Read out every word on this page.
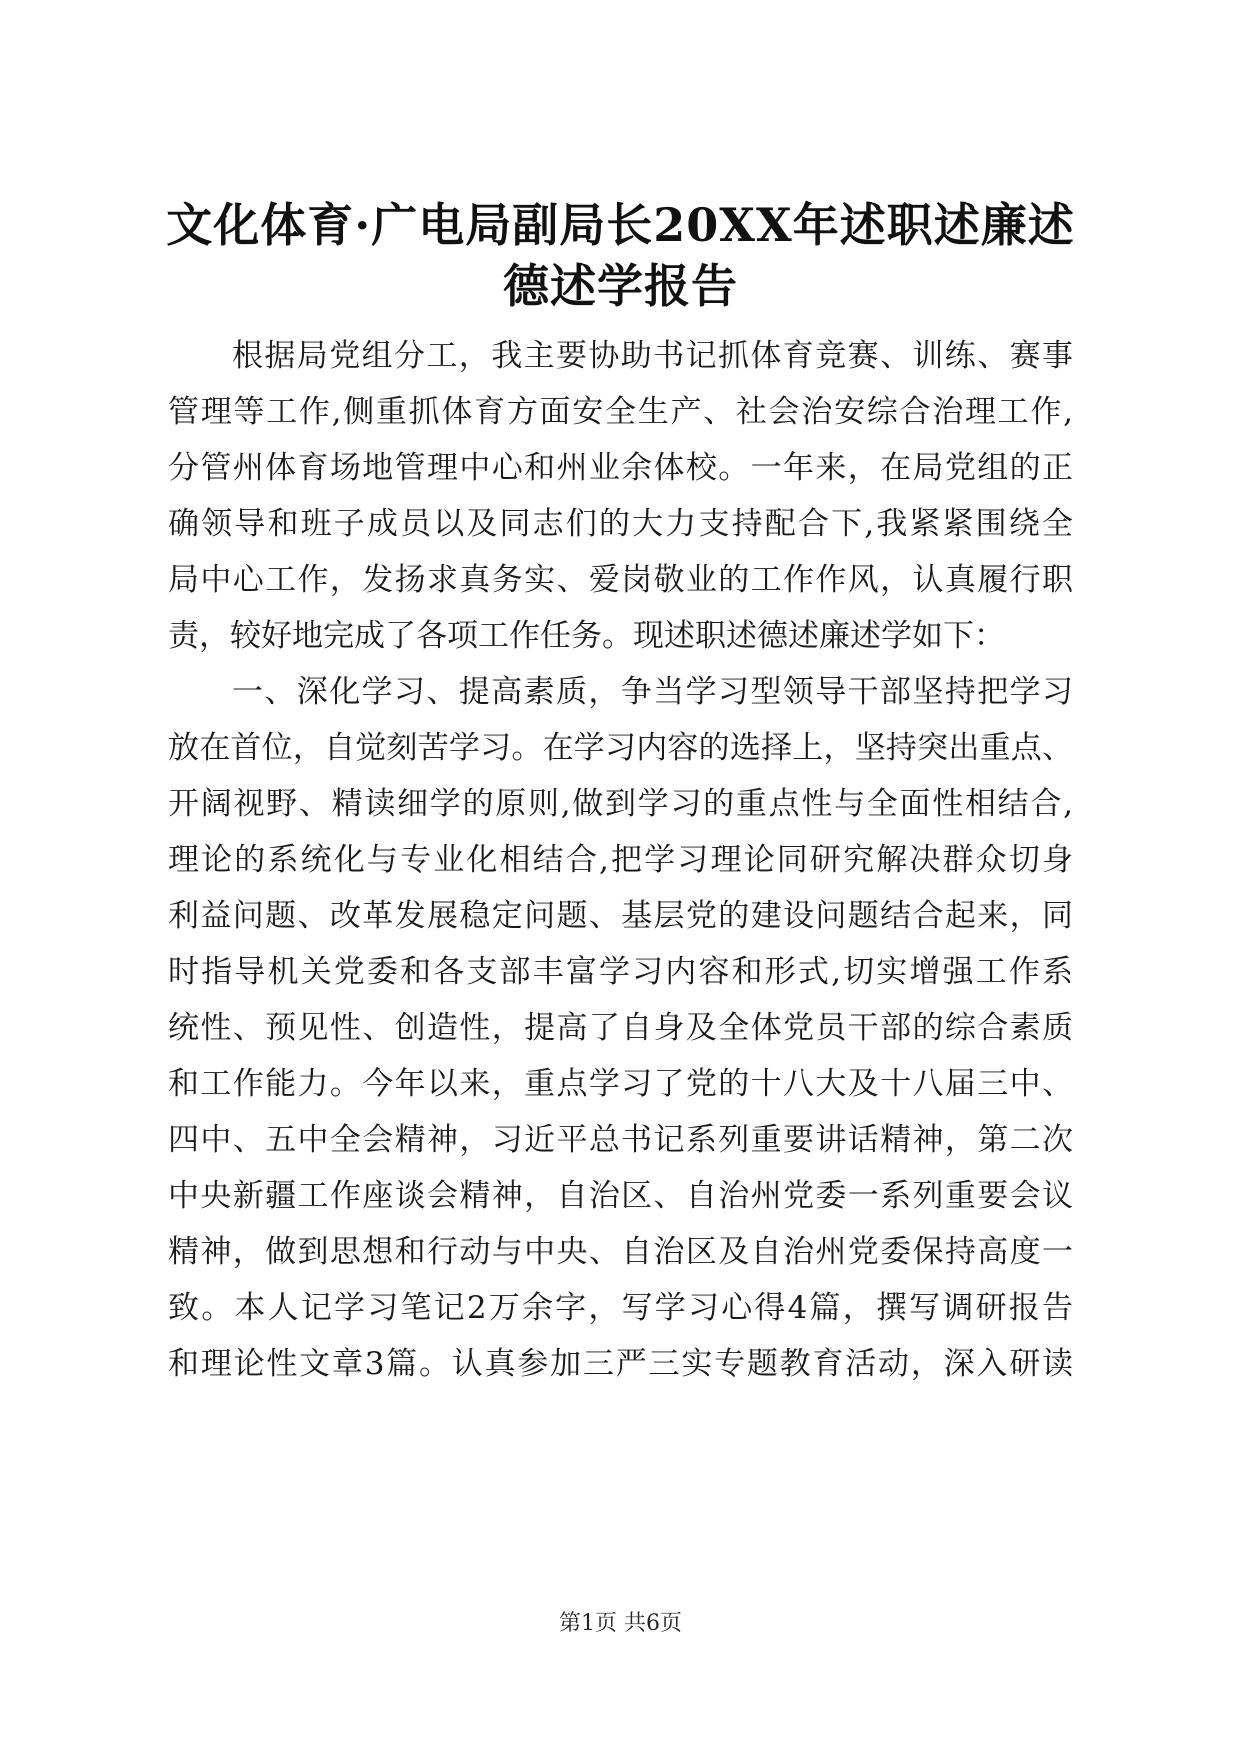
文化体育·广电局副局长20XX年述职述廉述
德述学报告
根据局党组分工，我主要协助书记抓体育竞赛、训练、赛事
管理等工作,侧重抓体育方面安全生产、社会治安综合治理工作,
分管州体育场地管理中心和州业余体校。一年来，在局党组的正
确领导和班子成员以及同志们的大力支持配合下,我紧紧围绕全
局中心工作，发扬求真务实、爱岗敬业的工作作风，认真履行职
责，较好地完成了各项工作任务。现述职述德述廉述学如下：
一、深化学习、提高素质，争当学习型领导干部坚持把学习
放在首位，自觉刻苦学习。在学习内容的选择上，坚持突出重点、
开阔视野、精读细学的原则,做到学习的重点性与全面性相结合,
理论的系统化与专业化相结合,把学习理论同研究解决群众切身
利益问题、改革发展稳定问题、基层党的建设问题结合起来，同
时指导机关党委和各支部丰富学习内容和形式,切实增强工作系
统性、预见性、创造性，提高了自身及全体党员干部的综合素质
和工作能力。今年以来，重点学习了党的十八大及十八届三中、
四中、五中全会精神，习近平总书记系列重要讲话精神，第二次
中央新疆工作座谈会精神，自治区、自治州党委一系列重要会议
精神，做到思想和行动与中央、自治区及自治州党委保持高度一
致。本人记学习笔记2万余字，写学习心得4篇，撰写调研报告
和理论性文章3篇。认真参加三严三实专题教育活动，深入研读
第1页 共6页
